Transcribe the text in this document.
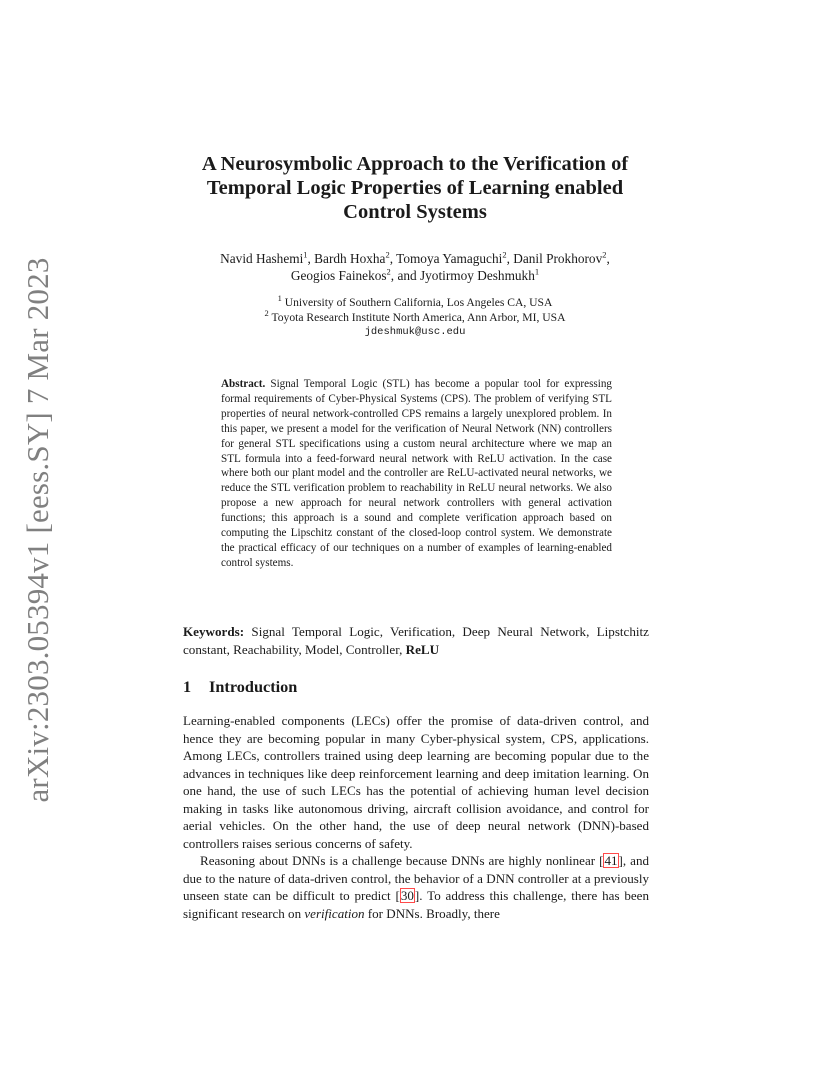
arXiv:2303.05394v1 [eess.SY] 7 Mar 2023
A Neurosymbolic Approach to the Verification of
Temporal Logic Properties of Learning enabled
Control Systems
Navid Hashemi$^1$, Bardh Hoxha$^2$, Tomoya Yamaguchi$^2$, Danil Prokhorov$^2$,
Geogios Fainekos$^2$, and Jyotirmoy Deshmukh$^1$
$^1$ University of Southern California, Los Angeles CA, USA
$^2$ Toyota Research Institute North America, Ann Arbor, MI, USA
jdeshmuk@usc.edu
Abstract. Signal Temporal Logic (STL) has become a popular tool for expressing formal requirements of Cyber-Physical Systems (CPS). The problem of verifying STL properties of neural network-controlled CPS remains a largely unexplored problem. In this paper, we present a model for the verification of Neural Network (NN) controllers for general STL specifications using a custom neural architecture where we map an STL formula into a feed-forward neural network with ReLU activation. In the case where both our plant model and the controller are ReLU-activated neural networks, we reduce the STL verification problem to reachability in ReLU neural networks. We also propose a new approach for neural network controllers with general activation functions; this approach is a sound and complete verification approach based on computing the Lipschitz constant of the closed-loop control system. We demonstrate the practical efficacy of our techniques on a number of examples of learning-enabled control systems.
Keywords: Signal Temporal Logic, Verification, Deep Neural Network, Lipstchitz constant, Reachability, Model, Controller, ReLU
1 Introduction

Learning-enabled components (LECs) offer the promise of data-driven control, and hence they are becoming popular in many Cyber-physical system, CPS, applications. Among LECs, controllers trained using deep learning are becoming popular due to the advances in techniques like deep reinforcement learning and deep imitation learning. On one hand, the use of such LECs has the potential of achieving human level decision making in tasks like autonomous driving, aircraft collision avoidance, and control for aerial vehicles. On the other hand, the use of deep neural network (DNN)-based controllers raises serious concerns of safety.

Reasoning about DNNs is a challenge because DNNs are highly nonlinear [41], and due to the nature of data-driven control, the behavior of a DNN controller at a previously unseen state can be difficult to predict [30]. To address this challenge, there has been significant research on verification for DNNs. Broadly, there
